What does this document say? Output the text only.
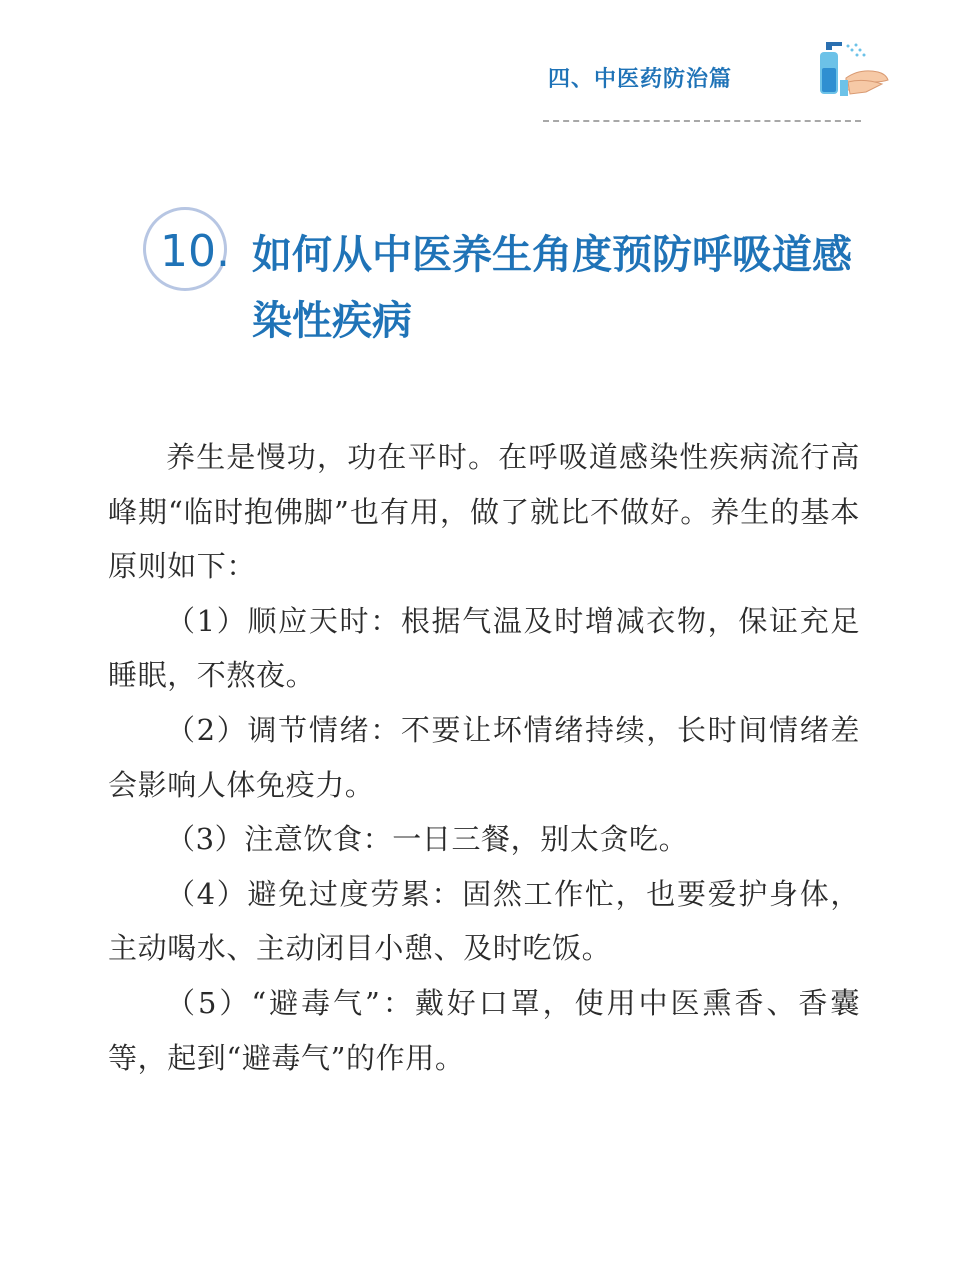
四、中医药防治篇
10. 如何从中医养生角度预防呼吸道感染性疾病

养生是慢功，功在平时。在呼吸道感染性疾病流行高峰期“临时抱佛脚”也有用，做了就比不做好。养生的基本原则如下：

（1）顺应天时：根据气温及时增减衣物，保证充足睡眠，不熬夜。

（2）调节情绪：不要让坏情绪持续，长时间情绪差会影响人体免疫力。

（3）注意饮食：一日三餐，别太贪吃。

（4）避免过度劳累：固然工作忙，也要爱护身体，主动喝水、主动闭目小憩、及时吃饭。

（5）“避毒气”：戴好口罩，使用中医熏香、香囊等，起到“避毒气”的作用。
